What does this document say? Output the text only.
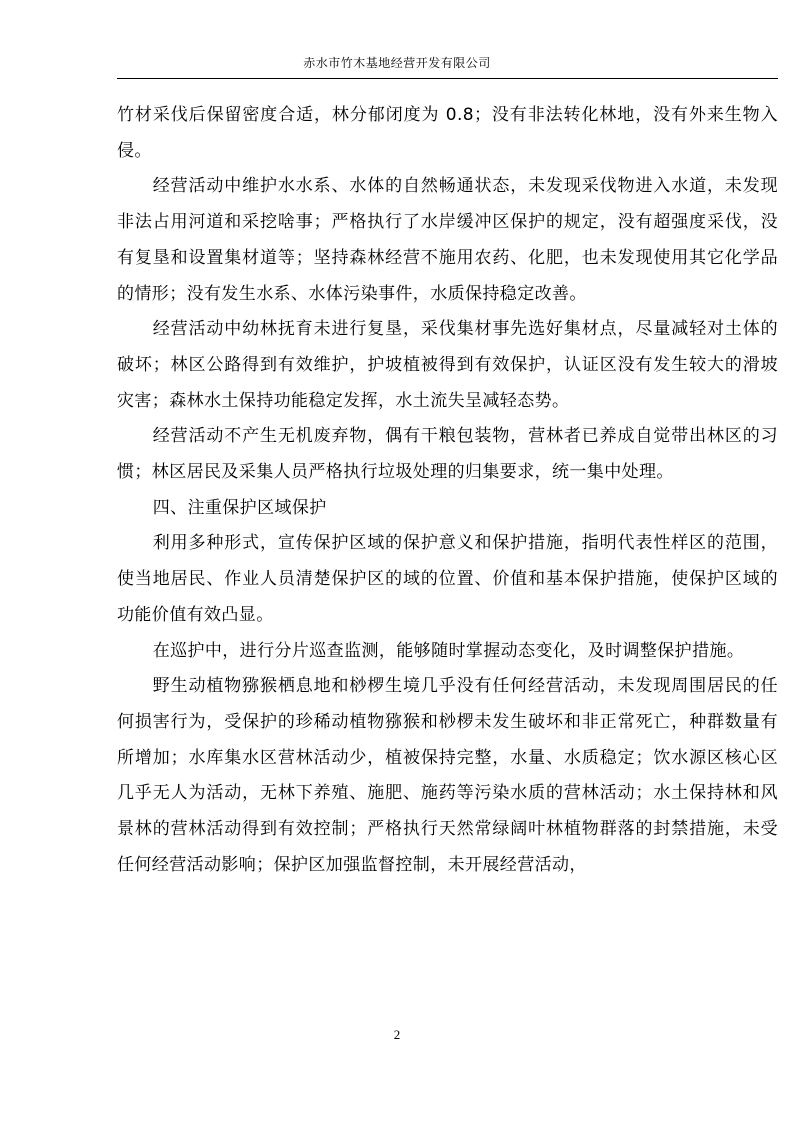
赤水市竹木基地经营开发有限公司

竹材采伐后保留密度合适，林分郁闭度为 0.8；没有非法转化林地，没有外来生物入侵。

经营活动中维护水水系、水体的自然畅通状态，未发现采伐物进入水道，未发现非法占用河道和采挖啥事；严格执行了水岸缓冲区保护的规定，没有超强度采伐，没有复垦和设置集材道等；坚持森林经营不施用农药、化肥，也未发现使用其它化学品的情形；没有发生水系、水体污染事件，水质保持稳定改善。

经营活动中幼林抚育未进行复垦，采伐集材事先选好集材点，尽量减轻对土体的破坏；林区公路得到有效维护，护坡植被得到有效保护，认证区没有发生较大的滑坡灾害；森林水土保持功能稳定发挥，水土流失呈减轻态势。

经营活动不产生无机废弃物，偶有干粮包装物，营林者已养成自觉带出林区的习惯；林区居民及采集人员严格执行垃圾处理的归集要求，统一集中处理。

四、注重保护区域保护

利用多种形式，宣传保护区域的保护意义和保护措施，指明代表性样区的范围，使当地居民、作业人员清楚保护区的域的位置、价值和基本保护措施，使保护区域的功能价值有效凸显。

在巡护中，进行分片巡查监测，能够随时掌握动态变化，及时调整保护措施。

野生动植物猕猴栖息地和桫椤生境几乎没有任何经营活动，未发现周围居民的任何损害行为，受保护的珍稀动植物猕猴和桫椤未发生破坏和非正常死亡，种群数量有所增加；水库集水区营林活动少，植被保持完整，水量、水质稳定；饮水源区核心区几乎无人为活动，无林下养殖、施肥、施药等污染水质的营林活动；水土保持林和风景林的营林活动得到有效控制；严格执行天然常绿阔叶林植物群落的封禁措施，未受任何经营活动影响；保护区加强监督控制，未开展经营活动，

2
